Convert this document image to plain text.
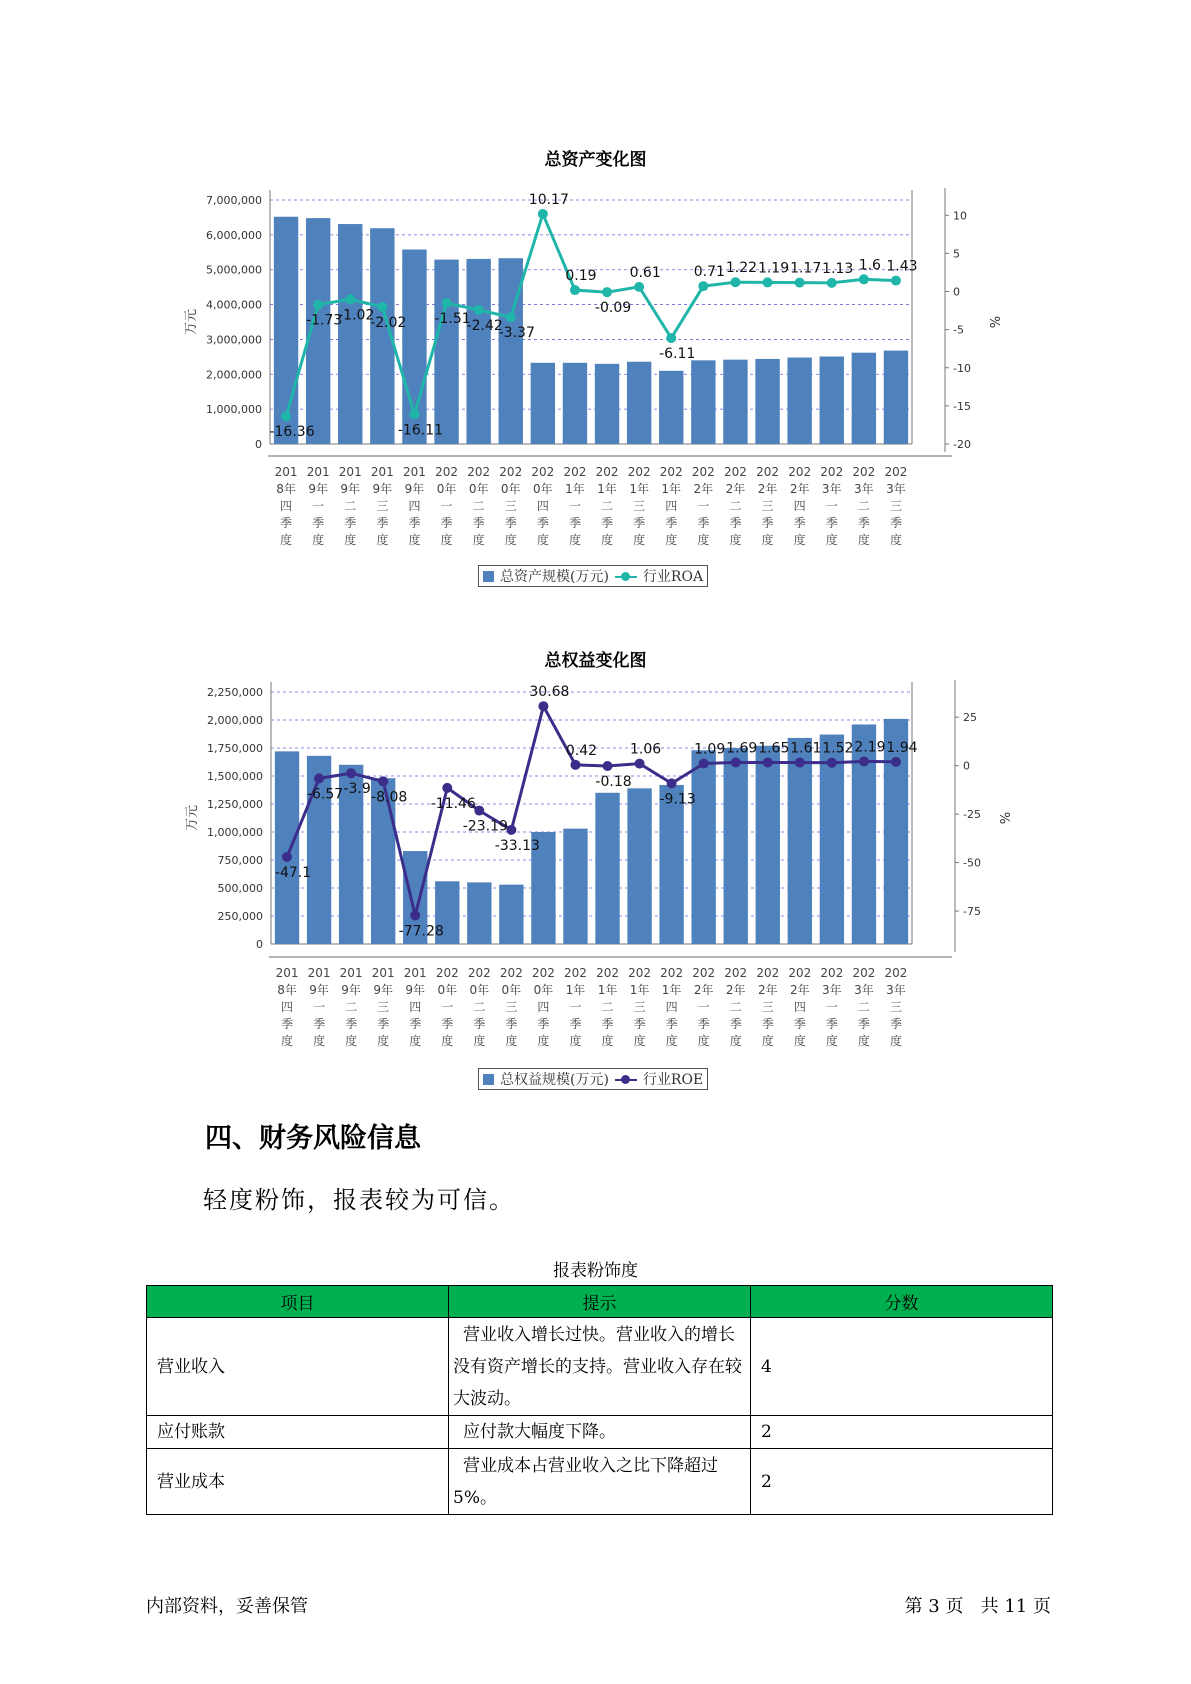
总资产变化图
7,000,000
6,000,000
5,000,000
4,000,000
3,000,000
2,000,000
1,000,000
0
10
5
0
-5
-10
-15
-20
万元	%
-16.36
-1.73
-1.02
-2.02
-16.11
-1.51
-2.42
-3.37
10.17
0.19
-0.09
0.61
-6.11
0.71 1.22 1.19 1.17 1.13 1.6 1.43
201 8年四季度
201 9年一季度
201 9年二季度
201 9年三季度
201 9年四季度
202 0年一季度
202 0年二季度
202 0年三季度
202 0年四季度
202 1年一季度
202 1年二季度
202 1年三季度
202 1年四季度
202 2年一季度
202 2年二季度
202 2年三季度
202 2年四季度
202 3年一季度
202 3年二季度
202 3年三季度
总资产规模(万元) 行业ROA
总权益变化图
2,250,000
2,000,000
1,750,000
1,500,000
1,250,000
1,000,000
750,000
500,000
250,000
0
25
0
-25
-50
-75
万元	%
-47.1
-6.57 -3.9
-8.08
-77.28
-11.46
-23.19
-33.13
30.68
0.42
-0.18
1.06
-9.13
1.09 1.69 1.65 1.61 1.52 2.19 1.94
201 8年四季度
201 9年一季度
201 9年二季度
201 9年三季度
201 9年四季度
202 0年一季度
202 0年二季度
202 0年三季度
202 0年四季度
202 1年一季度
202 1年二季度
202 1年三季度
202 1年四季度
202 2年一季度
202 2年二季度
202 2年三季度
202 2年四季度
202 3年一季度
202 3年二季度
202 3年三季度
总权益规模(万元) 行业ROE
四、财务风险信息

轻度粉饰，报表较为可信。

报表粉饰度
项目	提示	分数
营业收入	营业收入增长过快。营业收入的增长没有资产增长的支持。营业收入存在较大波动。	4
应付账款	应付款大幅度下降。	2
营业成本	营业成本占营业收入之比下降超过5%。	2
内部资料，妥善保管	第 3 页   共 11 页
